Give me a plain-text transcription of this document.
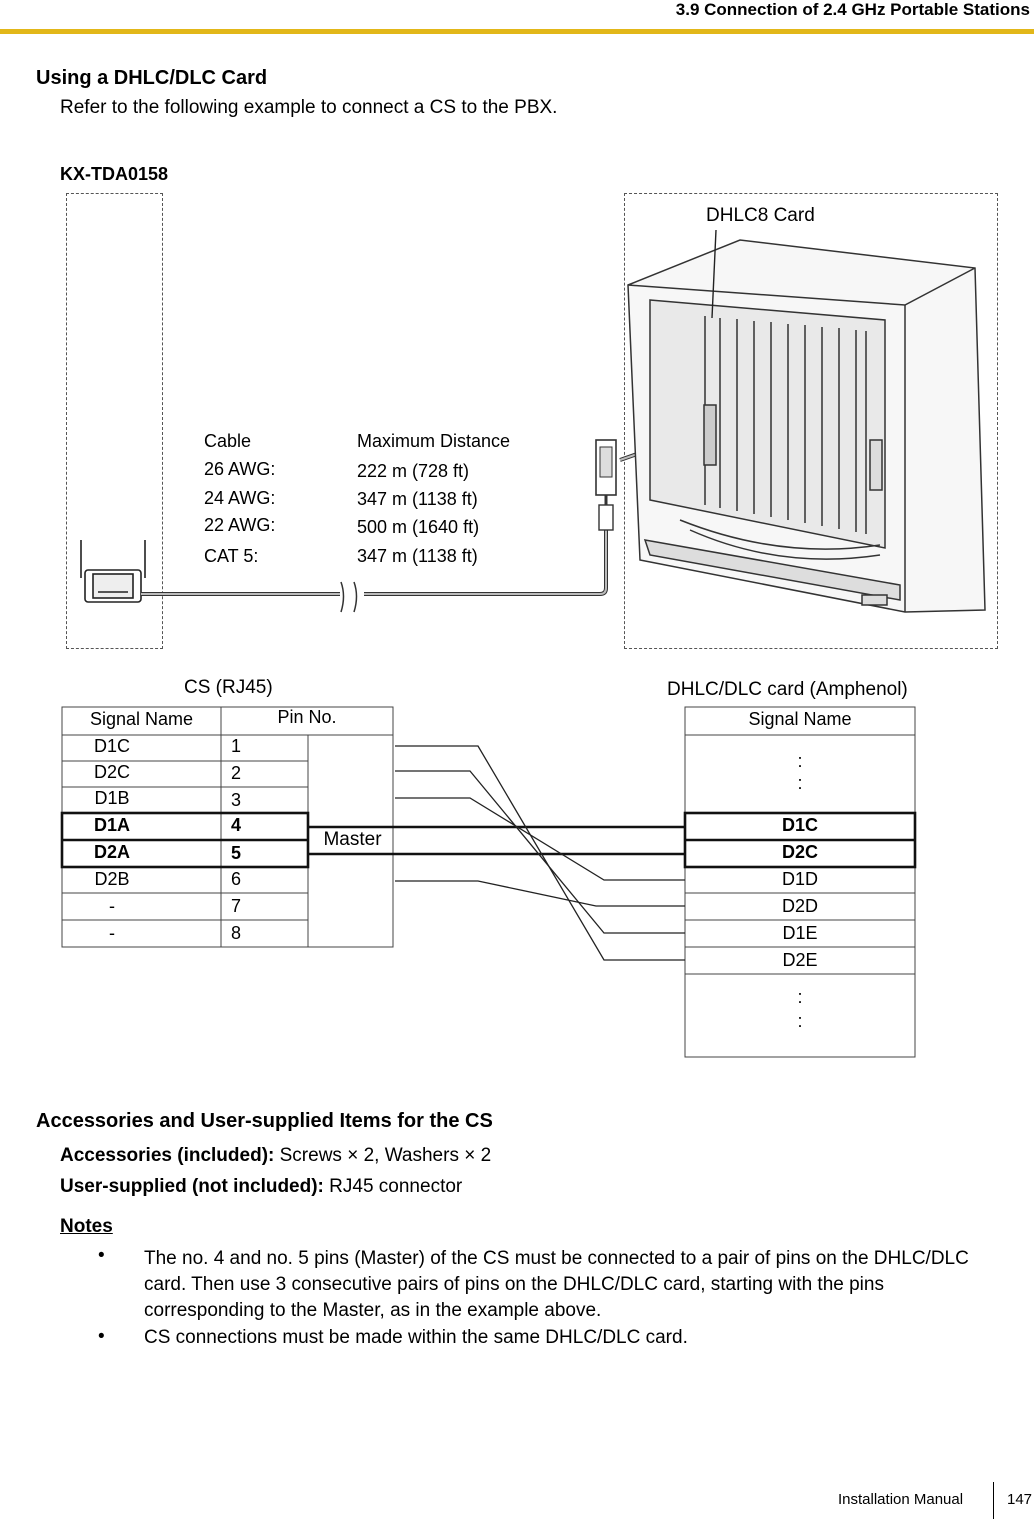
3.9 Connection of 2.4 GHz Portable Stations
Using a DHLC/DLC Card
Refer to the following example to connect a CS to the PBX.
KX-TDA0158
DHLC8 Card
Cable	Maximum Distance
26 AWG:	222 m (728 ft)
24 AWG:	347 m (1138 ft)
22 AWG:	500 m (1640 ft)
CAT 5:	347 m (1138 ft)
CS (RJ45)	DHLC/DLC card (Amphenol)
Signal Name	Pin No.
D1C	1
D2C	2
D1B	3
D1A	4
D2A	5
D2B	6
-	7
-	8
Master
Signal Name
:
:
D1C
D2C
D1D
D2D
D1E
D2E
:
:
Accessories and User-supplied Items for the CS
Accessories (included): Screws × 2, Washers × 2
User-supplied (not included): RJ45 connector
Notes
• The no. 4 and no. 5 pins (Master) of the CS must be connected to a pair of pins on the DHLC/DLC
card. Then use 3 consecutive pairs of pins on the DHLC/DLC card, starting with the pins
corresponding to the Master, as in the example above.
• CS connections must be made within the same DHLC/DLC card.
Installation Manual	147
